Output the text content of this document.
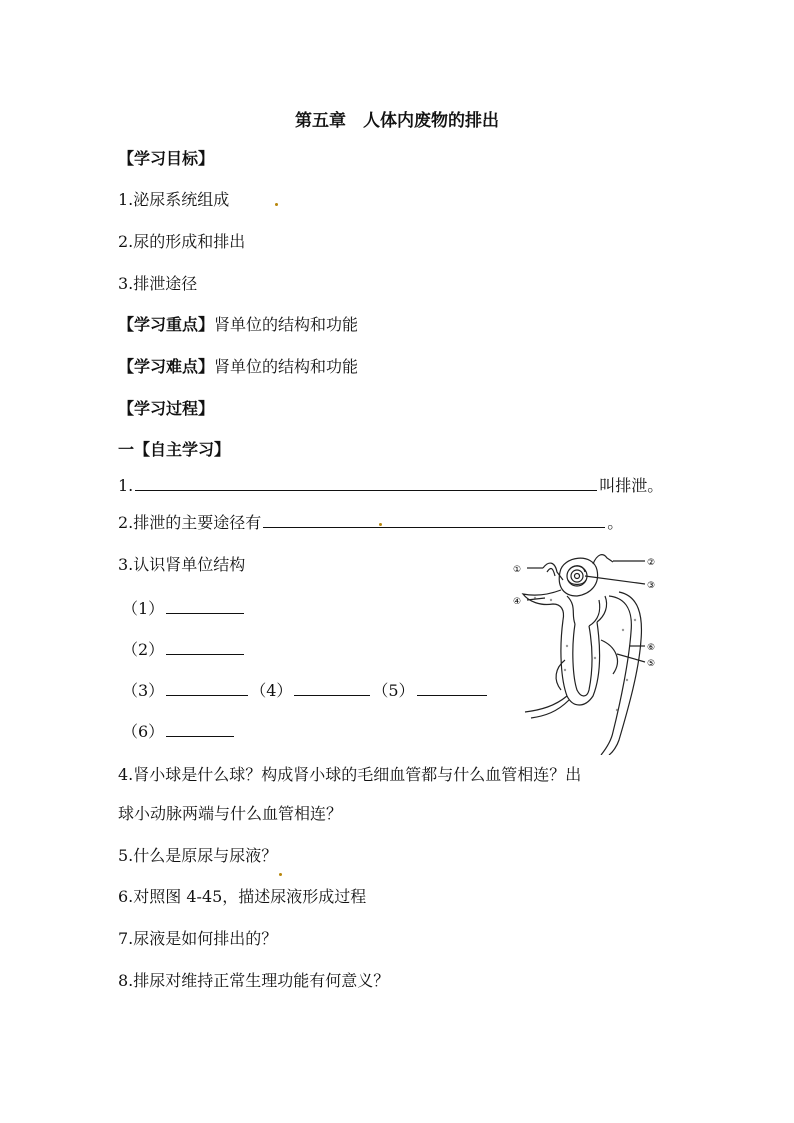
第五章　人体内废物的排出
【学习目标】
1.泌尿系统组成
2.尿的形成和排出
3.排泄途径
【学习重点】肾单位的结构和功能
【学习难点】肾单位的结构和功能
【学习过程】
一【自主学习】
1.	叫排泄。
2.排泄的主要途径有	。
3.认识肾单位结构
（1）
（2）
（3）	（4）	（5）
（6）
①
②
③
④
⑤
⑥
4.肾小球是什么球？构成肾小球的毛细血管都与什么血管相连？出
球小动脉两端与什么血管相连？
5.什么是原尿与尿液？
6.对照图 4-45，描述尿液形成过程
7.尿液是如何排出的？
8.排尿对维持正常生理功能有何意义？
